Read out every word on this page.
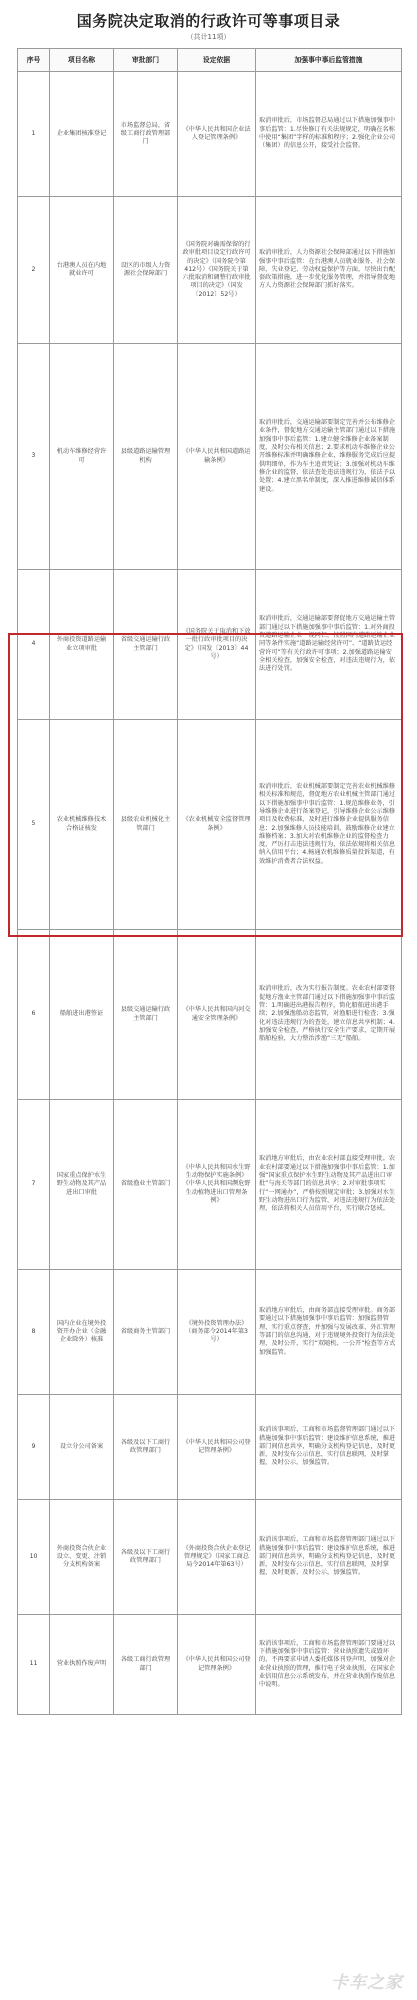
国务院决定取消的行政许可等事项目录
（共计11项）
序号	项目名称	审批部门	设定依据	加强事中事后监管措施
1	企业集团核准登记	市场监督总局，省级工商行政管理部门	《中华人民共和国企业法人登记管理条例》	取消审批后，市场监督总局通过以下措施加强事中事后监管：1.尽快修订有关法规规定，明确在名称中使用“集团”字样的标准和程序；2.强化企业公司（集团）的信息公开，接受社会监督。
2	台港澳人员在内地就业许可	设区的市级人力资源社会保障部门	《国务院对确需保留的行政审批项目设定行政许可的决定》（国务院令第412号）《国务院关于第六批取消和调整行政审批项目的决定》（国发〔2012〕52号）	取消审批后，人力资源社会保障部通过以下措施加强事中事后监管：在台港澳人员就业服务、社会保障、失业登记、劳动权益保护等方面，尽快出台配套政策措施，进一步优化服务管理，并指导督促地方人力资源社会保障部门抓好落实。
3	机动车维修经营许可	县级道路运输管理机构	《中华人民共和国道路运输条例》	取消审批后，交通运输部要制定完善并公布维修企业条件，督促地方交通运输主管部门通过以下措施加强事中事后监管：1.建立健全维修企业备案制度，及时公布相关信息；2.要求机动车维修企业公开维修标准并明确维修企业，维修服务完成后应提供明细单，作为车主追责凭证；3.加强对机动车维修企业的监督，依法查处违法违规行为，依法予以处置；4.建立黑名单制度，深入推进维修诚信体系建设。
4	外商投资道路运输业立项审批	省级交通运输行政主管部门	《国务院关于取消和下放一批行政审批项目的决定》（国发〔2013〕44号）	取消审批后，交通运输部要督促地方交通运输主管部门通过以下措施加强事中事后监管：1.对外商投资道路运输企业一视同仁，按照国内道路运输企业同等条件实施“道路运输经营许可”、“道路货运经营许可”等有关行政许可事项；2.加强道路运输安全相关检查，加强安全检查，对违法违规行为，依法进行处罚。
5	农业机械维修技术合格证核发	县级农业机械化主管部门	《农业机械安全监督管理条例》	取消审批后，农业机械部要制定完善农业机械维修相关标准和规范，督促地方农业机械主管部门通过以下措施加强事中事后监管：1.规范维修业务，引导维修企业进行备案登记，引导维修企业公示维修项目及收费标准，及时进行维修企业提供服务信息；2.加强维修人员技能培训，鼓励维修企业建立维修档案；3.加大对农机维修企业的监督检查力度，严厉打击违法违规行为，依法依规将相关信息纳入信用平台；4.畅通农机维修质量投诉渠道，有效维护消费者合法权益。
6	船舶进出港签证	县级交通运输行政主管部门	《中华人民共和国内河交通安全管理条例》	取消审批后，改为实行报告制度。农业农村部要督促地方渔业主管部门通过以下措施加强事中事后监管：1.明确进出港报告程序，简化船舶进出港手续；2.加强渔船动态监管，对渔船进行检查；3.强化对违法违规行为的查处，建立信息共享机制；4.加强安全检查，严格执行安全生产要求，定期开展船舶检验，大力整治涉渔“三无”船舶。
7	国家重点保护水生野生动物及其产品进出口审批	省级渔业主管部门	《中华人民共和国水生野生动物保护实施条例》《中华人民共和国濒危野生动植物进出口管理条例》	取消地方审批后，由农业农村部直接受理审批。农业农村部要通过以下措施加强事中事后监管：1.加强“国家重点保护水生野生动物及其产品进出口审批”与海关等部门的信息共享；2.对审批事项实行“一网通办”，严格按照规定审批；3.加强对水生野生动物进出口行为监管，对违法违规行为依法处理，依法将相关人员信用平台，实行联合惩戒。
8	国内企业在境外投资开办企业（金融企业除外）核准	省级商务主管部门	《境外投资管理办法》（商务部令2014年第3号）	取消地方审批后，由商务部直接受理审批。商务部要通过以下措施加强事中事后监管：加强监督管理，实行重点督查，并加强与发展改革、外汇管理等部门的信息沟通，对于违规境外投资行为依法处理，及时公开，实行“双随机、一公开”检查等方式加强监管。
9	设立分公司备案	各级及以下工商行政管理部门	《中华人民共和国公司登记管理条例》	取消该事项后，工商和市场监督管理部门通过以下措施加强事中事后监管：建设维护信息系统，推进部门间信息共享，明确分支机构登记信息，及时更新，及时发布公示信息，实行信息联网，及时掌握，及时公示，加强监管。
10	外商投资合伙企业设立、变更、注销分支机构备案	各级及以下工商行政管理部门	《外商投资合伙企业登记管理规定》（国家工商总局令2014年第63号）	取消该事项后，工商和市场监督管理部门通过以下措施加强事中事后监管：建设维护信息系统，推进部门间信息共享，明确分支机构登记信息，及时更新，及时发布公示信息，实行信息联网，及时掌握，及时更新，及时公示，加强监管。
11	营业执照作废声明	各级工商行政管理部门	《中华人民共和国公司登记管理条例》	取消该事项后，工商和市场监督管理部门要通过以下措施加强事中事后监管：营业执照遗失或毁坏的，不再要求申请人委托媒体刊登声明，加强对企业营业执照的管理，推行电子营业执照，在国家企业信用信息公示系统发布，并在营业执照作废信息中说明。
卡车之家
